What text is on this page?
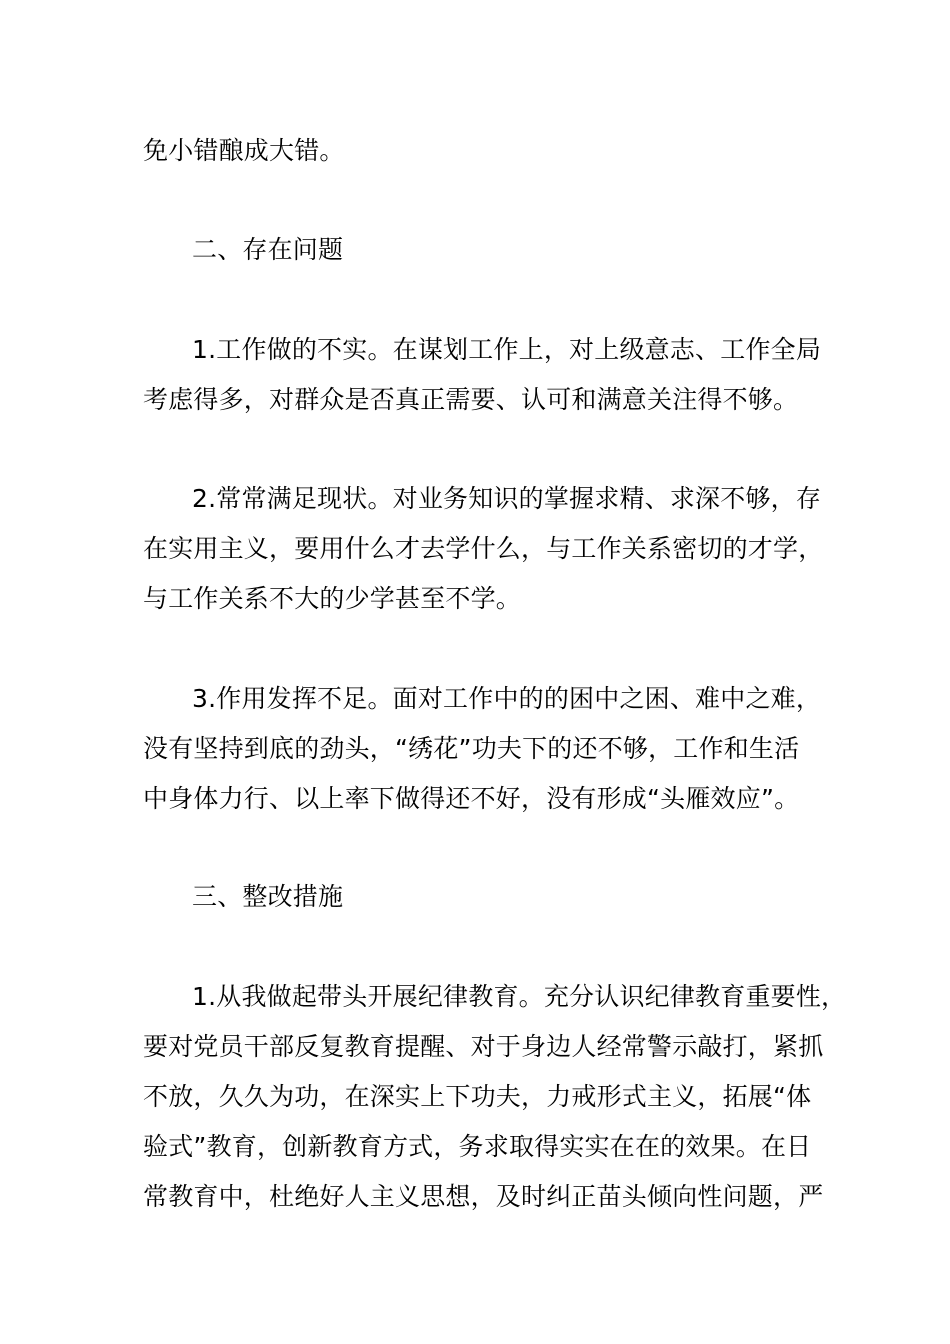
免小错酿成大错。
二、存在问题
1.工作做的不实。在谋划工作上，对上级意志、工作全局
考虑得多，对群众是否真正需要、认可和满意关注得不够。
2.常常满足现状。对业务知识的掌握求精、求深不够，存
在实用主义，要用什么才去学什么，与工作关系密切的才学，
与工作关系不大的少学甚至不学。
3.作用发挥不足。面对工作中的的困中之困、难中之难，
没有坚持到底的劲头，“绣花”功夫下的还不够，工作和生活
中身体力行、以上率下做得还不好，没有形成“头雁效应”。
三、整改措施
1.从我做起带头开展纪律教育。充分认识纪律教育重要性，
要对党员干部反复教育提醒、对于身边人经常警示敲打，紧抓
不放，久久为功，在深实上下功夫，力戒形式主义，拓展“体
验式”教育，创新教育方式，务求取得实实在在的效果。在日
常教育中，杜绝好人主义思想，及时纠正苗头倾向性问题，严
